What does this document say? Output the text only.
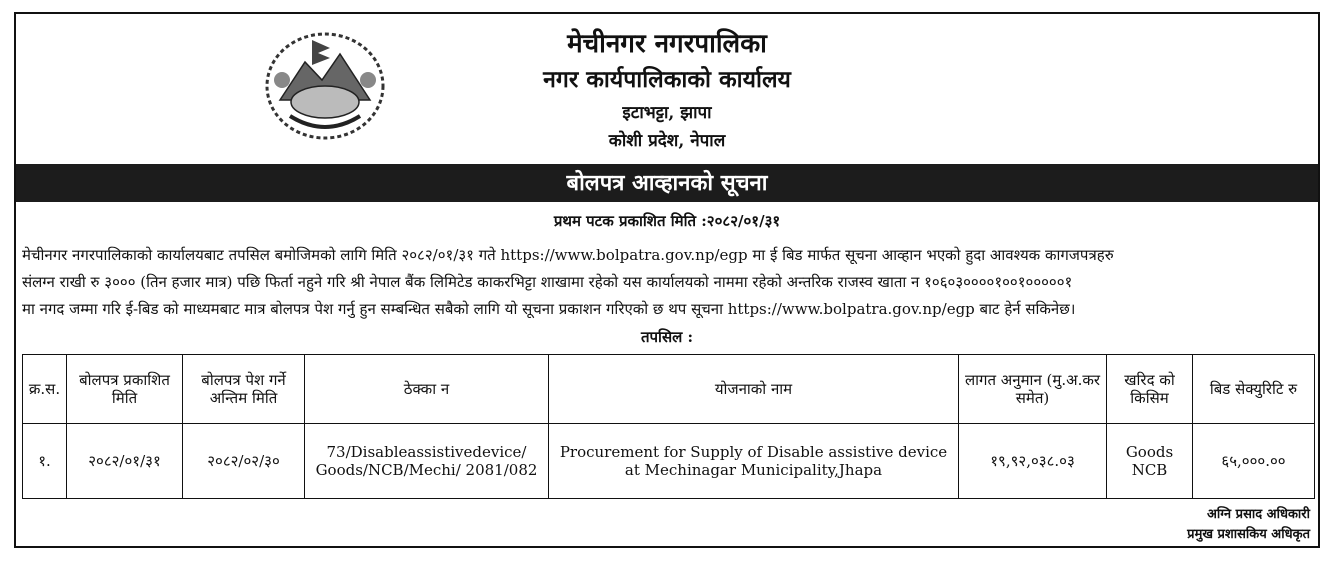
मेचीनगर नगरपालिका
नगर कार्यपालिकाको कार्यालय
इटाभट्टा, झापा
कोशी प्रदेश, नेपाल
बोलपत्र आव्हानको सूचना
प्रथम पटक प्रकाशित मिति :२०८२/०१/३१
मेचीनगर नगरपालिकाको कार्यालयबाट तपसिल बमोजिमको लागि मिति २०८२/०१/३१ गते https://www.bolpatra.gov.np/egp मा ई बिड मार्फत सूचना आव्हान भएको हुदा आवश्यक कागजपत्रहरु
संलग्न राखी रु ३००० (तिन हजार मात्र) पछि फिर्ता नहुने गरि श्री नेपाल बैंक लिमिटेड काकरभिट्टा शाखामा रहेको यस कार्यालयको नाममा रहेको अन्तरिक राजस्व खाता न १०६०३००००१००१०००००१
मा नगद जम्मा गरि ई-बिड को माध्यमबाट मात्र बोलपत्र पेश गर्नु हुन सम्बन्धित सबैको लागि यो सूचना प्रकाशन गरिएको छ थप सूचना https://www.bolpatra.gov.np/egp बाट हेर्न सकिनेछ।
तपसिल :
क्र.स.	बोलपत्र प्रकाशित मिति	बोलपत्र पेश गर्ने अन्तिम मिति	ठेक्का न	योजनाको नाम	लागत अनुमान (मु.अ.कर समेत)	खरिद को किसिम	बिड सेक्युरिटि रु
१.	२०८२/०१/३१	२०८२/०२/३०	73/Disableassistivedevice/ Goods/NCB/Mechi/ 2081/082	Procurement for Supply of Disable assistive device at Mechinagar Municipality,Jhapa	१९,९२,०३८.०३	Goods NCB	६५,०००.००
अग्नि प्रसाद अधिकारी
प्रमुख प्रशासकिय अधिकृत
